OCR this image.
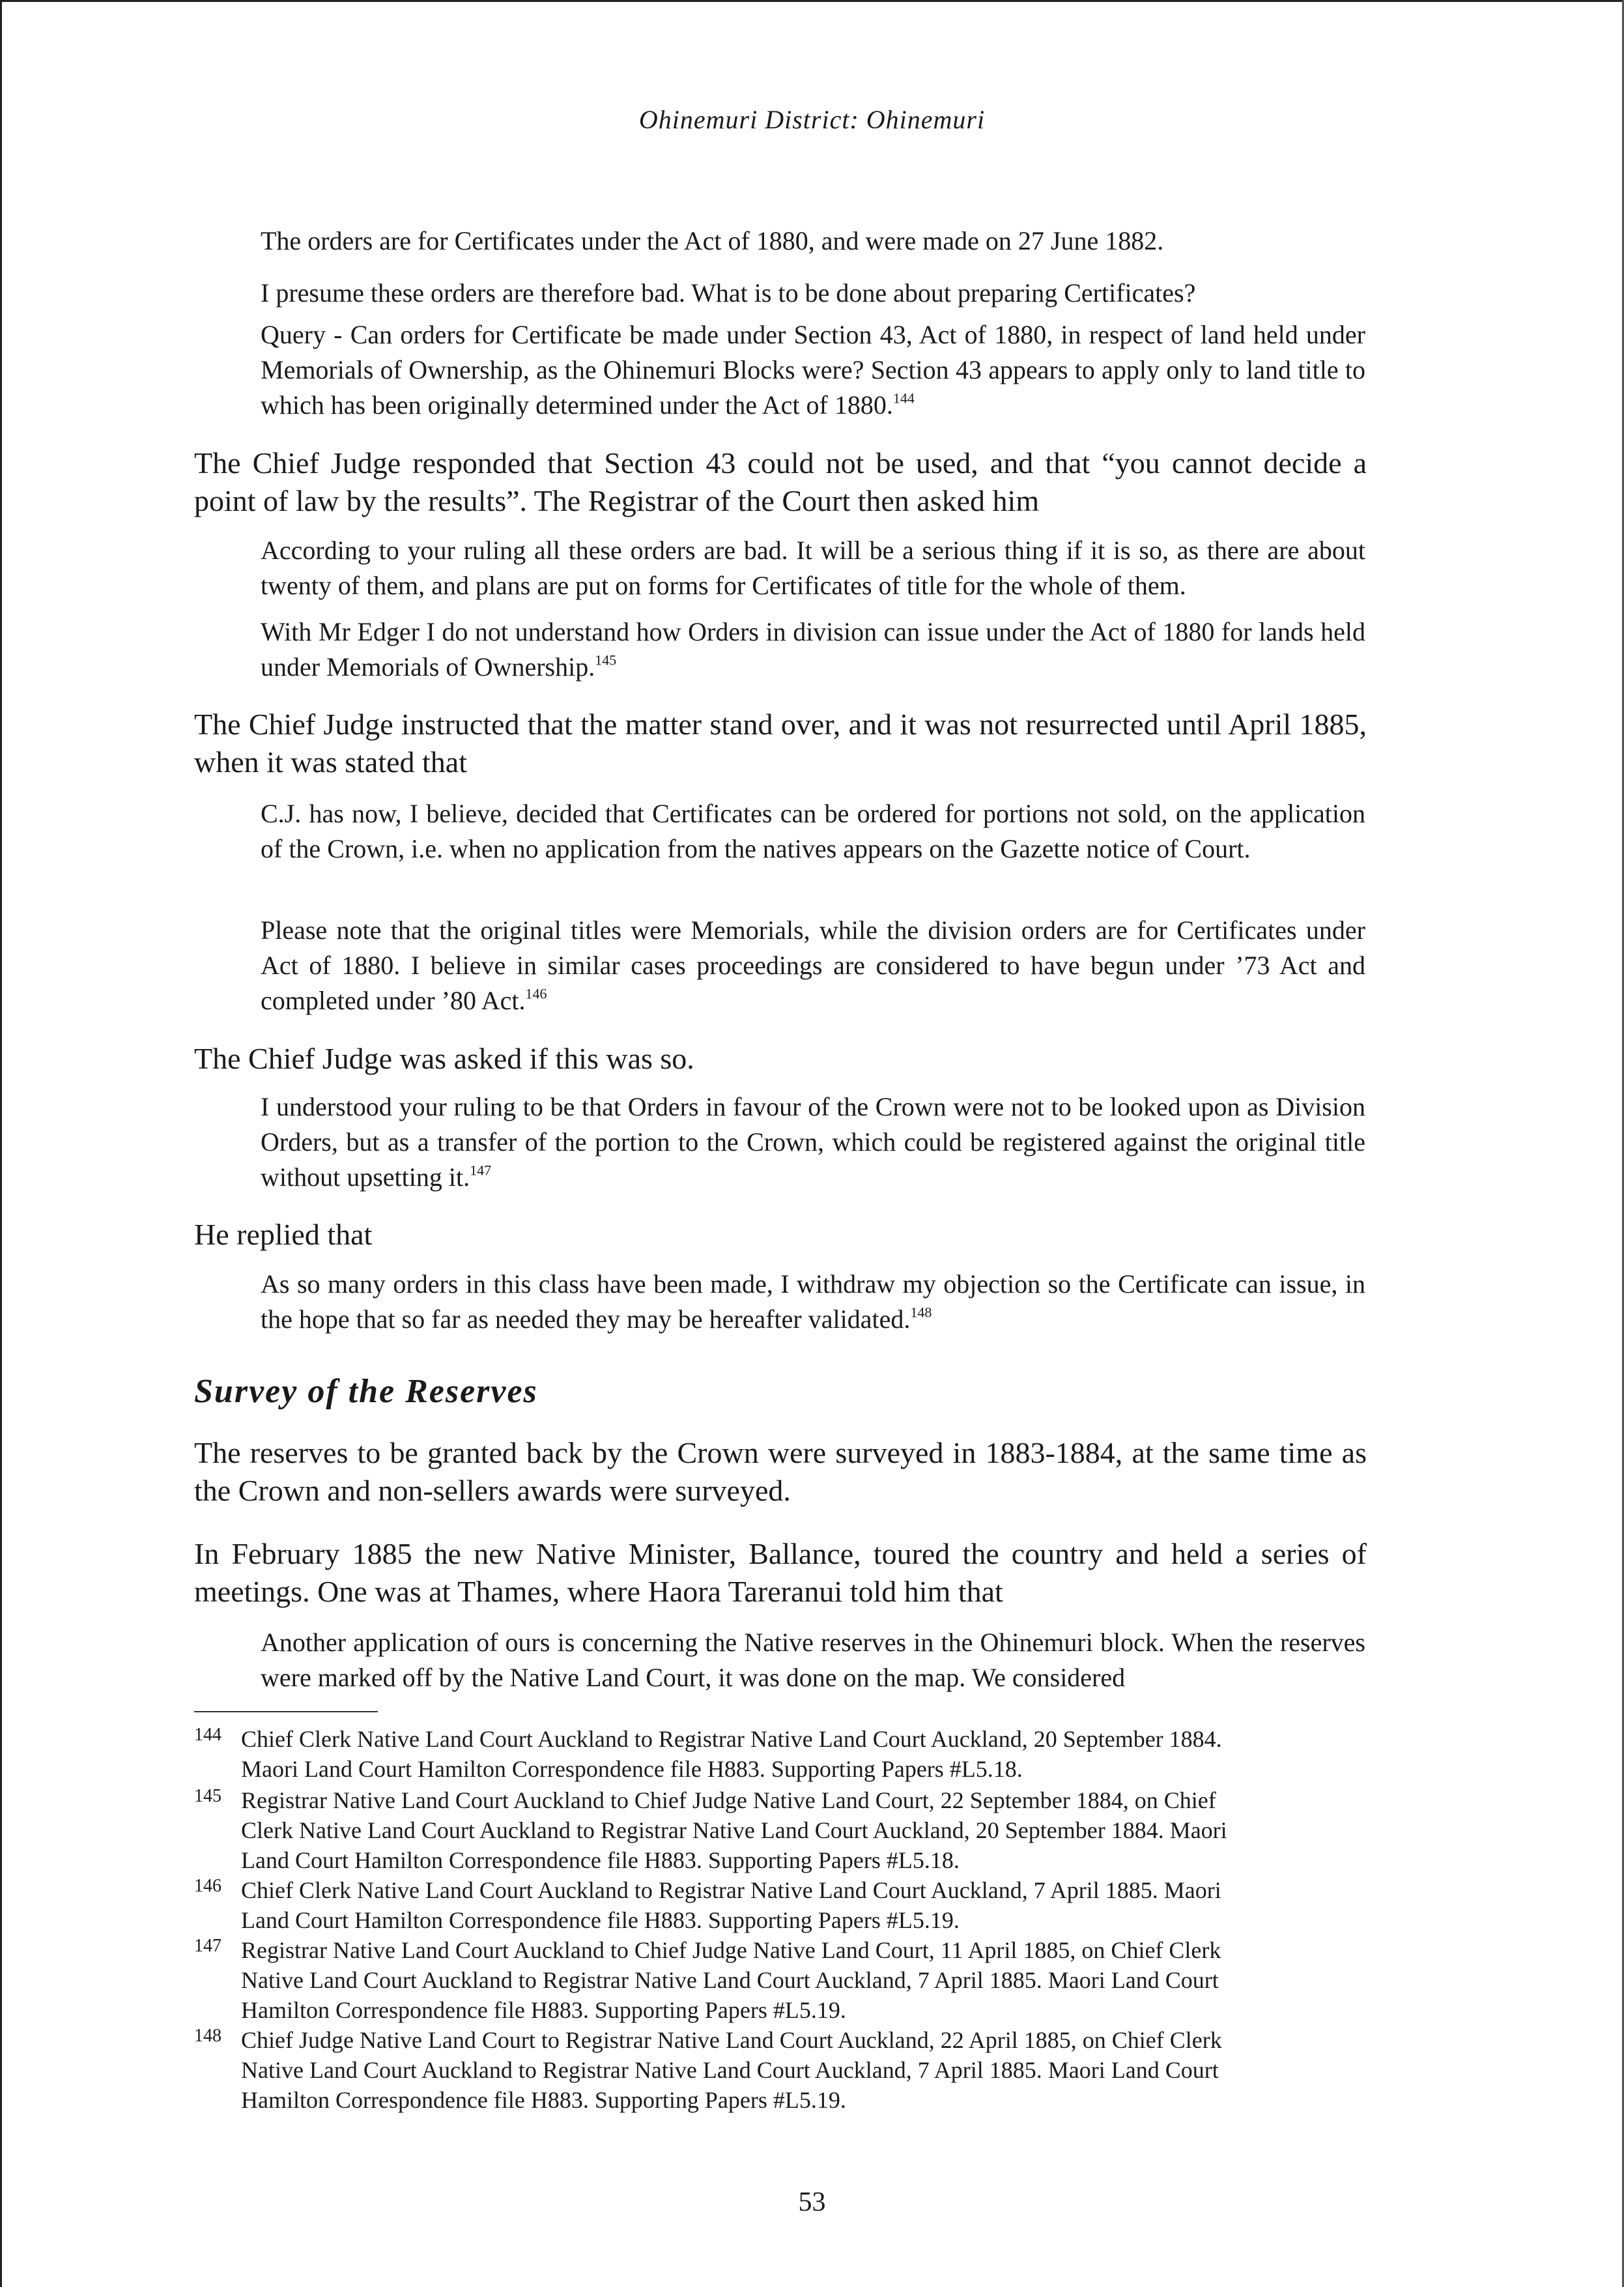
Ohinemuri District: Ohinemuri
The orders are for Certificates under the Act of 1880, and were made on 27 June 1882.
I presume these orders are therefore bad. What is to be done about preparing Certificates?
Query - Can orders for Certificate be made under Section 43, Act of 1880, in respect of land held under Memorials of Ownership, as the Ohinemuri Blocks were? Section 43 appears to apply only to land title to which has been originally determined under the Act of 1880.$^{144}$
The Chief Judge responded that Section 43 could not be used, and that “you cannot decide a point of law by the results”. The Registrar of the Court then asked him
According to your ruling all these orders are bad. It will be a serious thing if it is so, as there are about twenty of them, and plans are put on forms for Certificates of title for the whole of them.
With Mr Edger I do not understand how Orders in division can issue under the Act of 1880 for lands held under Memorials of Ownership.$^{145}$
The Chief Judge instructed that the matter stand over, and it was not resurrected until April 1885, when it was stated that
C.J. has now, I believe, decided that Certificates can be ordered for portions not sold, on the application of the Crown, i.e. when no application from the natives appears on the Gazette notice of Court.
Please note that the original titles were Memorials, while the division orders are for Certificates under Act of 1880. I believe in similar cases proceedings are considered to have begun under ’73 Act and completed under ’80 Act.$^{146}$
The Chief Judge was asked if this was so.
I understood your ruling to be that Orders in favour of the Crown were not to be looked upon as Division Orders, but as a transfer of the portion to the Crown, which could be registered against the original title without upsetting it.$^{147}$
He replied that
As so many orders in this class have been made, I withdraw my objection so the Certificate can issue, in the hope that so far as needed they may be hereafter validated.$^{148}$
Survey of the Reserves
The reserves to be granted back by the Crown were surveyed in 1883-1884, at the same time as the Crown and non-sellers awards were surveyed.
In February 1885 the new Native Minister, Ballance, toured the country and held a series of meetings. One was at Thames, where Haora Tareranui told him that
Another application of ours is concerning the Native reserves in the Ohinemuri block. When the reserves were marked off by the Native Land Court, it was done on the map. We considered
144 Chief Clerk Native Land Court Auckland to Registrar Native Land Court Auckland, 20 September 1884.
Maori Land Court Hamilton Correspondence file H883. Supporting Papers #L5.18.
145 Registrar Native Land Court Auckland to Chief Judge Native Land Court, 22 September 1884, on Chief
Clerk Native Land Court Auckland to Registrar Native Land Court Auckland, 20 September 1884. Maori
Land Court Hamilton Correspondence file H883. Supporting Papers #L5.18.
146 Chief Clerk Native Land Court Auckland to Registrar Native Land Court Auckland, 7 April 1885. Maori
Land Court Hamilton Correspondence file H883. Supporting Papers #L5.19.
147 Registrar Native Land Court Auckland to Chief Judge Native Land Court, 11 April 1885, on Chief Clerk
Native Land Court Auckland to Registrar Native Land Court Auckland, 7 April 1885. Maori Land Court
Hamilton Correspondence file H883. Supporting Papers #L5.19.
148 Chief Judge Native Land Court to Registrar Native Land Court Auckland, 22 April 1885, on Chief Clerk
Native Land Court Auckland to Registrar Native Land Court Auckland, 7 April 1885. Maori Land Court
Hamilton Correspondence file H883. Supporting Papers #L5.19.
53
